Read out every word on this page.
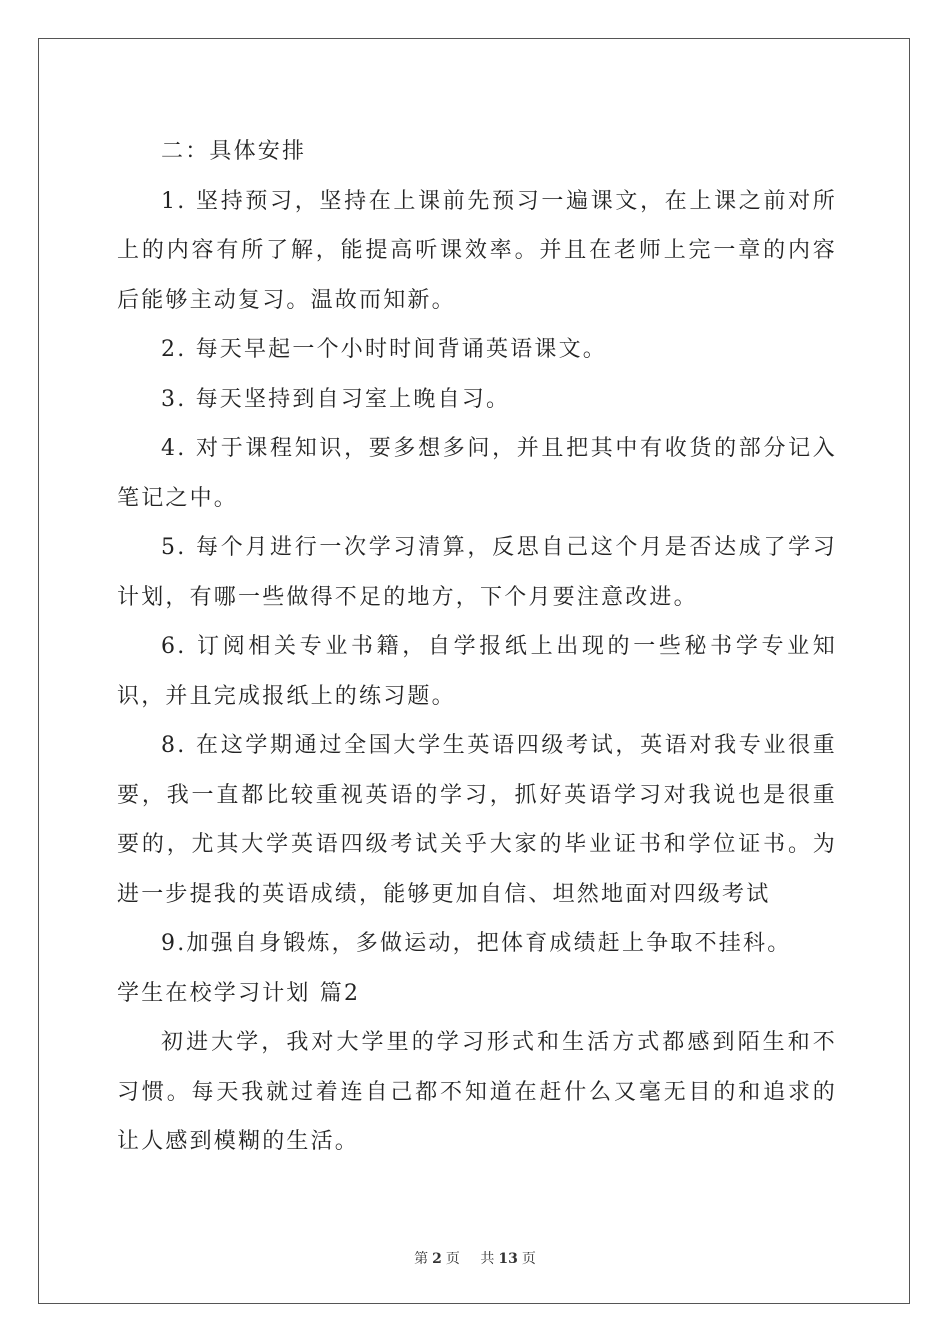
二：具体安排

1. 坚持预习，坚持在上课前先预习一遍课文，在上课之前对所上的内容有所了解，能提高听课效率。并且在老师上完一章的内容后能够主动复习。温故而知新。

2. 每天早起一个小时时间背诵英语课文。

3. 每天坚持到自习室上晚自习。

4. 对于课程知识，要多想多问，并且把其中有收货的部分记入笔记之中。

5. 每个月进行一次学习清算，反思自己这个月是否达成了学习计划，有哪一些做得不足的地方，下个月要注意改进。

6. 订阅相关专业书籍，自学报纸上出现的一些秘书学专业知识，并且完成报纸上的练习题。

8. 在这学期通过全国大学生英语四级考试，英语对我专业很重要，我一直都比较重视英语的学习，抓好英语学习对我说也是很重要的，尤其大学英语四级考试关乎大家的毕业证书和学位证书。为进一步提我的英语成绩，能够更加自信、坦然地面对四级考试

9.加强自身锻炼，多做运动，把体育成绩赶上争取不挂科。

学生在校学习计划 篇2

初进大学，我对大学里的学习形式和生活方式都感到陌生和不习惯。每天我就过着连自己都不知道在赶什么又毫无目的和追求的让人感到模糊的生活。

第 2 页 共 13 页
